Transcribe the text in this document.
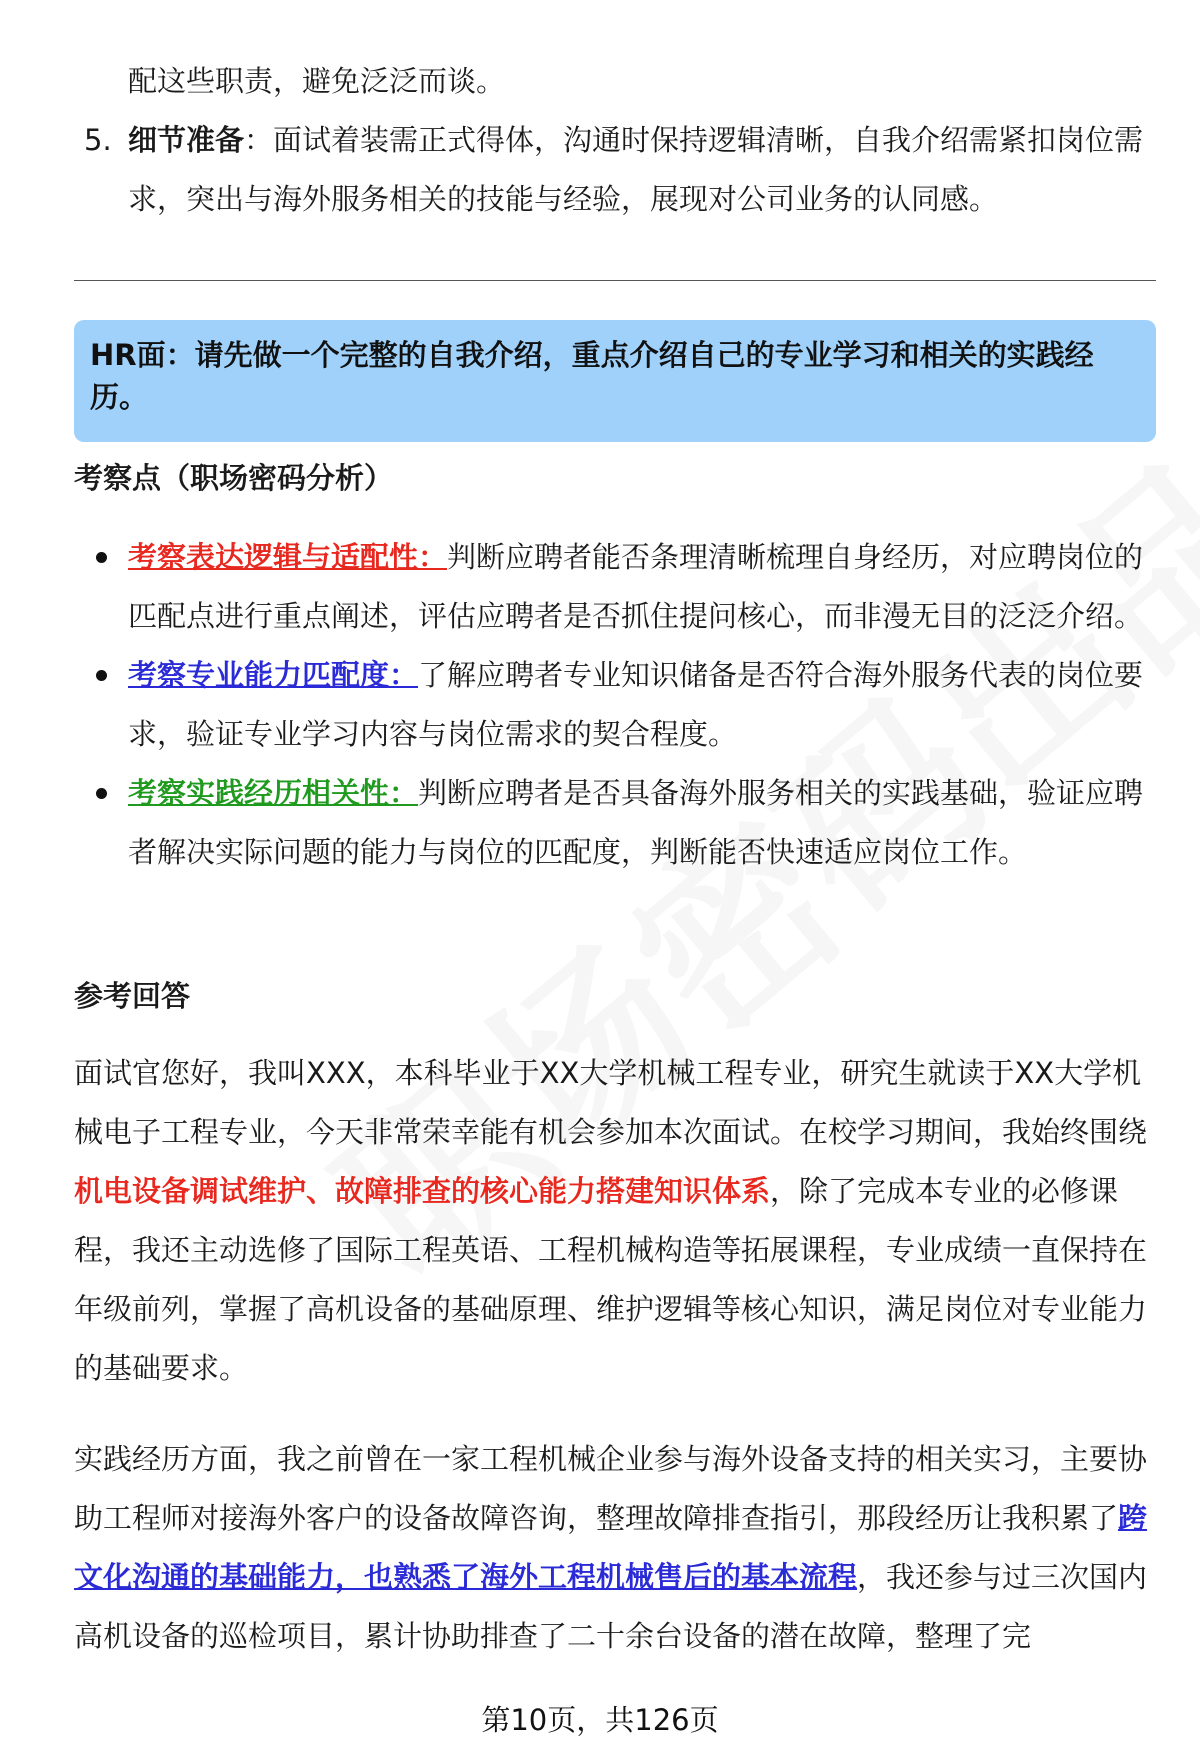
配这些职责，避免泛泛而谈。

5. 细节准备：面试着装需正式得体，沟通时保持逻辑清晰，自我介绍需紧扣岗位需求，突出与海外服务相关的技能与经验，展现对公司业务的认同感。

HR面：请先做一个完整的自我介绍，重点介绍自己的专业学习和相关的实践经历。
考察点（职场密码分析）

考察表达逻辑与适配性：判断应聘者能否条理清晰梳理自身经历，对应聘岗位的匹配点进行重点阐述，评估应聘者是否抓住提问核心，而非漫无目的泛泛介绍。

考察专业能力匹配度：了解应聘者专业知识储备是否符合海外服务代表的岗位要求，验证专业学习内容与岗位需求的契合程度。

考察实践经历相关性：判断应聘者是否具备海外服务相关的实践基础，验证应聘者解决实际问题的能力与岗位的匹配度，判断能否快速适应岗位工作。

参考回答

面试官您好，我叫XXX，本科毕业于XX大学机械工程专业，研究生就读于XX大学机械电子工程专业，今天非常荣幸能有机会参加本次面试。在校学习期间，我始终围绕机电设备调试维护、故障排查的核心能力搭建知识体系，除了完成本专业的必修课程，我还主动选修了国际工程英语、工程机械构造等拓展课程，专业成绩一直保持在年级前列，掌握了高机设备的基础原理、维护逻辑等核心知识，满足岗位对专业能力的基础要求。

实践经历方面，我之前曾在一家工程机械企业参与海外设备支持的相关实习，主要协助工程师对接海外客户的设备故障咨询，整理故障排查指引，那段经历让我积累了跨文化沟通的基础能力，也熟悉了海外工程机械售后的基本流程，我还参与过三次国内高机设备的巡检项目，累计协助排查了二十余台设备的潜在故障，整理了完

第10页，共126页
